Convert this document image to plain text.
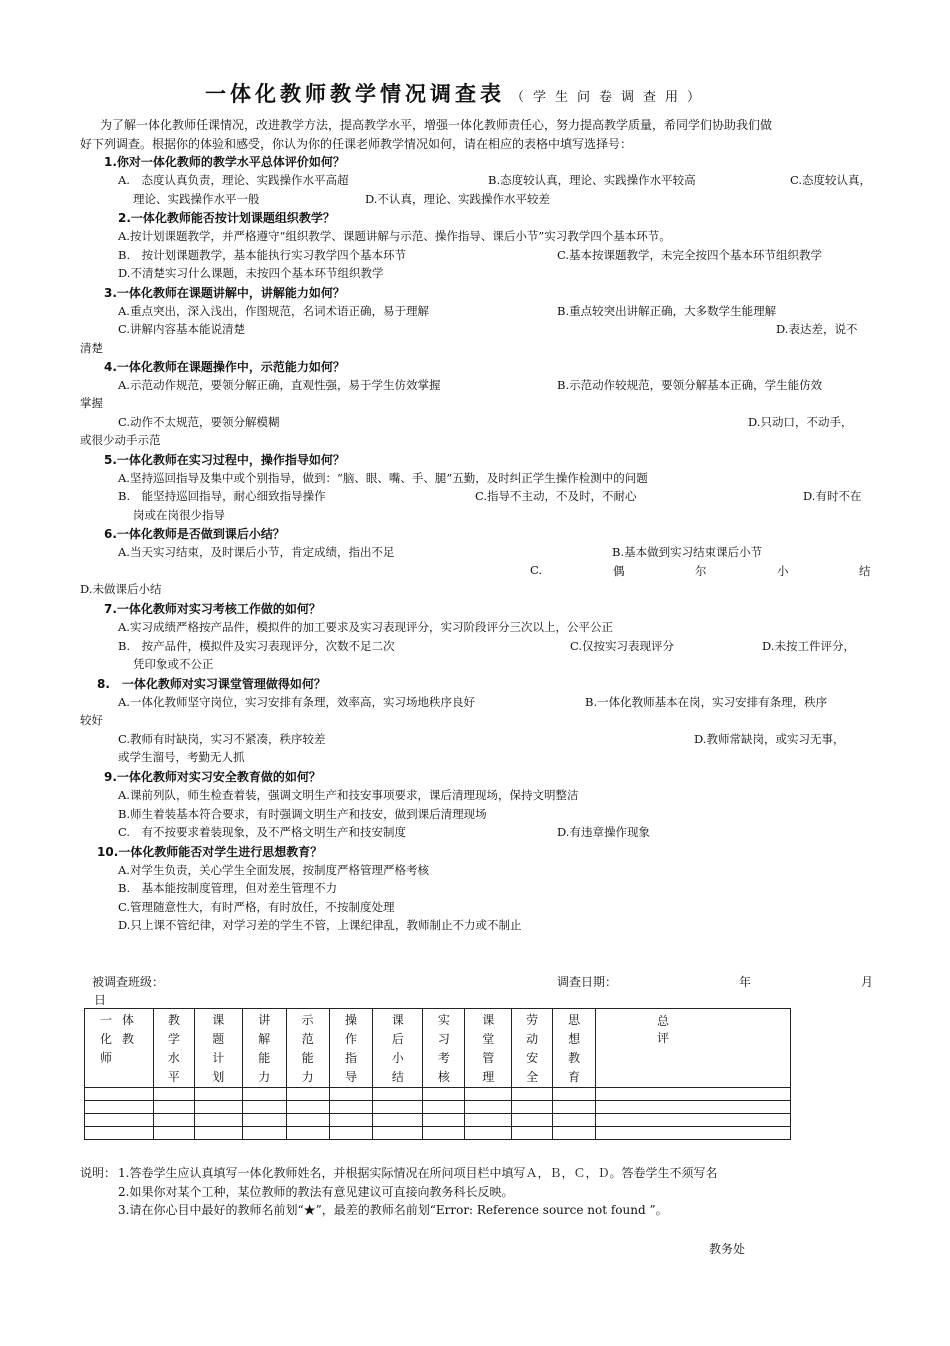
一体化教师教学情况调查表 （学生问卷调查用）
为了解一体化教师任课情况，改进教学方法，提高教学水平，增强一体化教师责任心，努力提高教学质量，希同学们协助我们做
好下列调查。根据你的体验和感受，你认为你的任课老师教学情况如何，请在相应的表格中填写选择号：
1.你对一体化教师的教学水平总体评价如何？
A.　态度认真负责，理论、实践操作水平高超	B.态度较认真，理论、实践操作水平较高	C.态度较认真，
理论、实践操作水平一般	D.不认真，理论、实践操作水平较差
2.一体化教师能否按计划课题组织教学？
A.按计划课题教学，并严格遵守“组织教学、课题讲解与示范、操作指导、课后小节”实习教学四个基本环节。
B.　按计划课题教学，基本能执行实习教学四个基本环节	C.基本按课题教学，未完全按四个基本环节组织教学
D.不清楚实习什么课题，未按四个基本环节组织教学
3.一体化教师在课题讲解中，讲解能力如何？
A.重点突出，深入浅出，作图规范，名词术语正确，易于理解	B.重点较突出讲解正确，大多数学生能理解
C.讲解内容基本能说清楚	D.表达差，说不
清楚
4.一体化教师在课题操作中，示范能力如何？
A.示范动作规范，要领分解正确，直观性强，易于学生仿效掌握	B.示范动作较规范，要领分解基本正确，学生能仿效
掌握
C.动作不太规范，要领分解模糊	D.只动口，不动手，
或很少动手示范
5.一体化教师在实习过程中，操作指导如何？
A.坚持巡回指导及集中或个别指导，做到：“脑、眼、嘴、手、腿”五勤，及时纠正学生操作检测中的问题
B.　能坚持巡回指导，耐心细致指导操作	C.指导不主动，不及时，不耐心	D.有时不在
岗或在岗很少指导
6.一体化教师是否做到课后小结？
A.当天实习结束，及时课后小节，肯定成绩，指出不足	B.基本做到实习结束课后小节
C.	偶	尔	小	结
D.未做课后小结
7.一体化教师对实习考核工作做的如何？
A.实习成绩严格按产品件，模拟件的加工要求及实习表现评分，实习阶段评分三次以上，公平公正
B.　按产品件，模拟件及实习表现评分，次数不足二次	C.仅按实习表现评分	D.未按工件评分，
凭印象或不公正
8.　一体化教师对实习课堂管理做得如何？
A.一体化教师坚守岗位，实习安排有条理，效率高，实习场地秩序良好	B.一体化教师基本在岗，实习安排有条理，秩序
较好
C.教师有时缺岗，实习不紧凑，秩序较差	D.教师常缺岗，或实习无事，
或学生溜号，考勤无人抓
9.一体化教师对实习安全教育做的如何？
A.课前列队，师生检查着装，强调文明生产和技安事项要求，课后清理现场，保持文明整洁
B.师生着装基本符合要求，有时强调文明生产和技安，做到课后清理现场
C.　有不按要求着装现象，及不严格文明生产和技安制度	D.有违章操作现象
10.一体化教师能否对学生进行思想教育？
A.对学生负责，关心学生全面发展，按制度严格管理严格考核
B.　基本能按制度管理，但对差生管理不力
C.管理随意性大，有时严格，有时放任，不按制度处理
D.只上课不管纪律，对学习差的学生不管，上课纪律乱，教师制止不力或不制止
被调查班级：	调查日期：	年	月
日
一体化教师	教学水平	课题计划	讲解能力	示范能力	操作指导	课后小结	实习考核	课堂管理	劳动安全	思想教育	总　评

说明： 1.答卷学生应认真填写一体化教师姓名，并根据实际情况在所问项目栏中填写Ａ，Ｂ，Ｃ，Ｄ。答卷学生不须写名
2.如果你对某个工种，某位教师的教法有意见建议可直接向教务科长反映。
3.请在你心目中最好的教师名前划“★”，最差的教师名前划“Error: Reference source not found ”。
教务处
